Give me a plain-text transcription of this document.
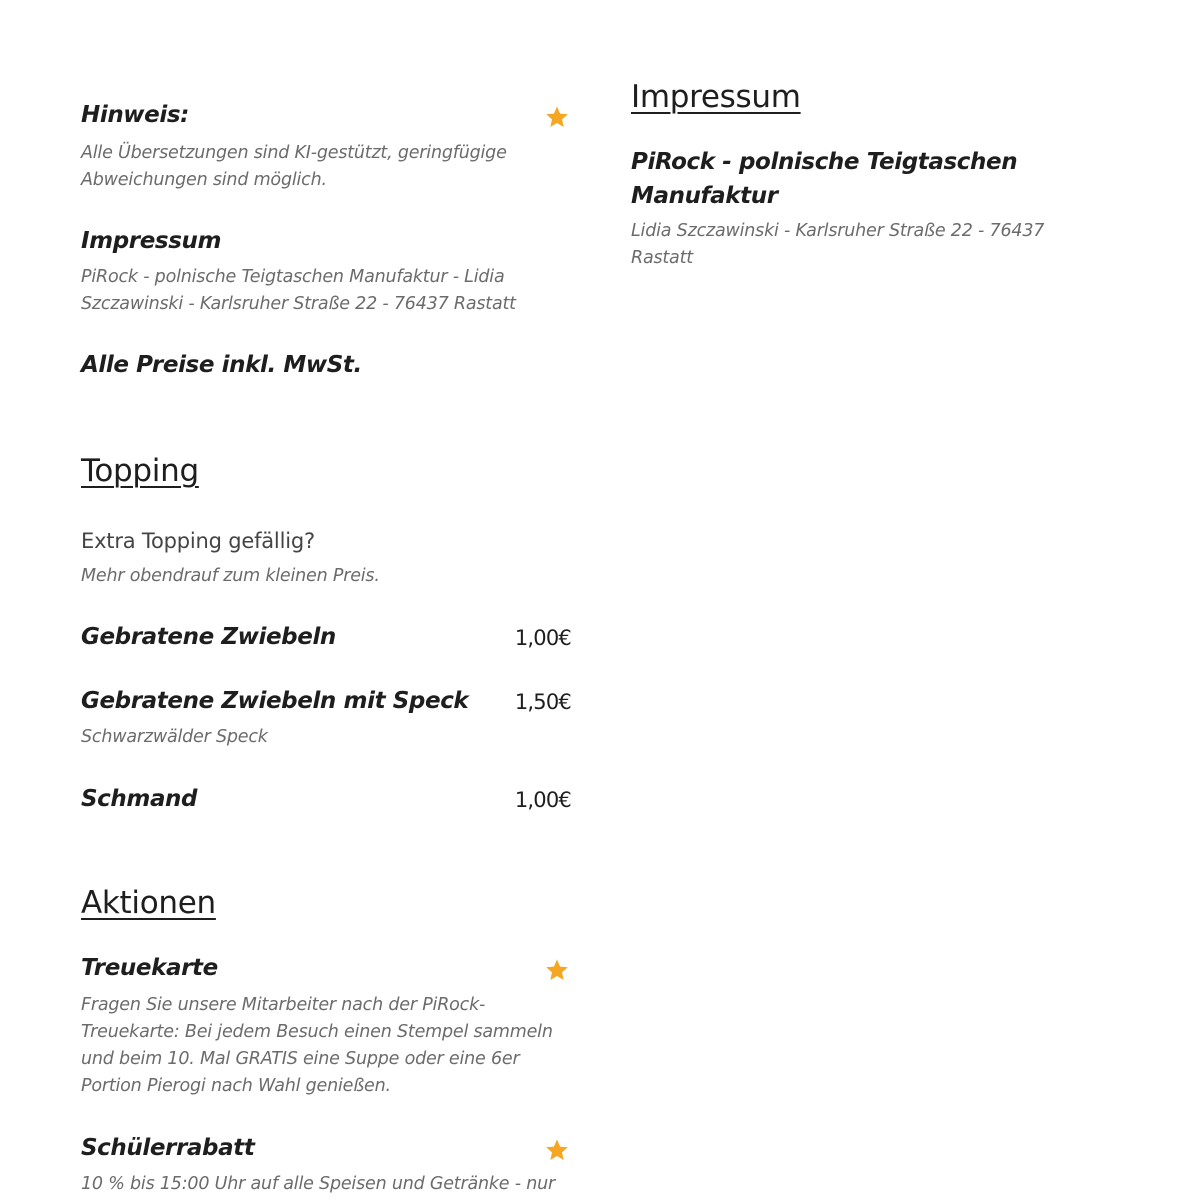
Hinweis:

Alle Übersetzungen sind KI-gestützt, geringfügige Abweichungen sind möglich.

Impressum

PiRock - polnische Teigtaschen Manufaktur - Lidia Szczawinski - Karlsruher Straße 22 - 76437 Rastatt

Alle Preise inkl. MwSt.
Topping
Extra Topping gefällig?

Mehr obendrauf zum kleinen Preis.

Gebratene Zwiebeln	1,00€
Gebratene Zwiebeln mit Speck 1,50€

Schwarzwälder Speck

Schmand	1,00€
Aktionen
Treuekarte

Fragen Sie unsere Mitarbeiter nach der PiRock-Treuekarte: Bei jedem Besuch einen Stempel sammeln und beim 10. Mal GRATIS eine Suppe oder eine 6er Portion Pierogi nach Wahl genießen.

Schülerrabatt

10 % bis 15:00 Uhr auf alle Speisen und Getränke - nur

Impressum
PiRock - polnische Teigtaschen Manufaktur

Lidia Szczawinski - Karlsruher Straße 22 - 76437 Rastatt
